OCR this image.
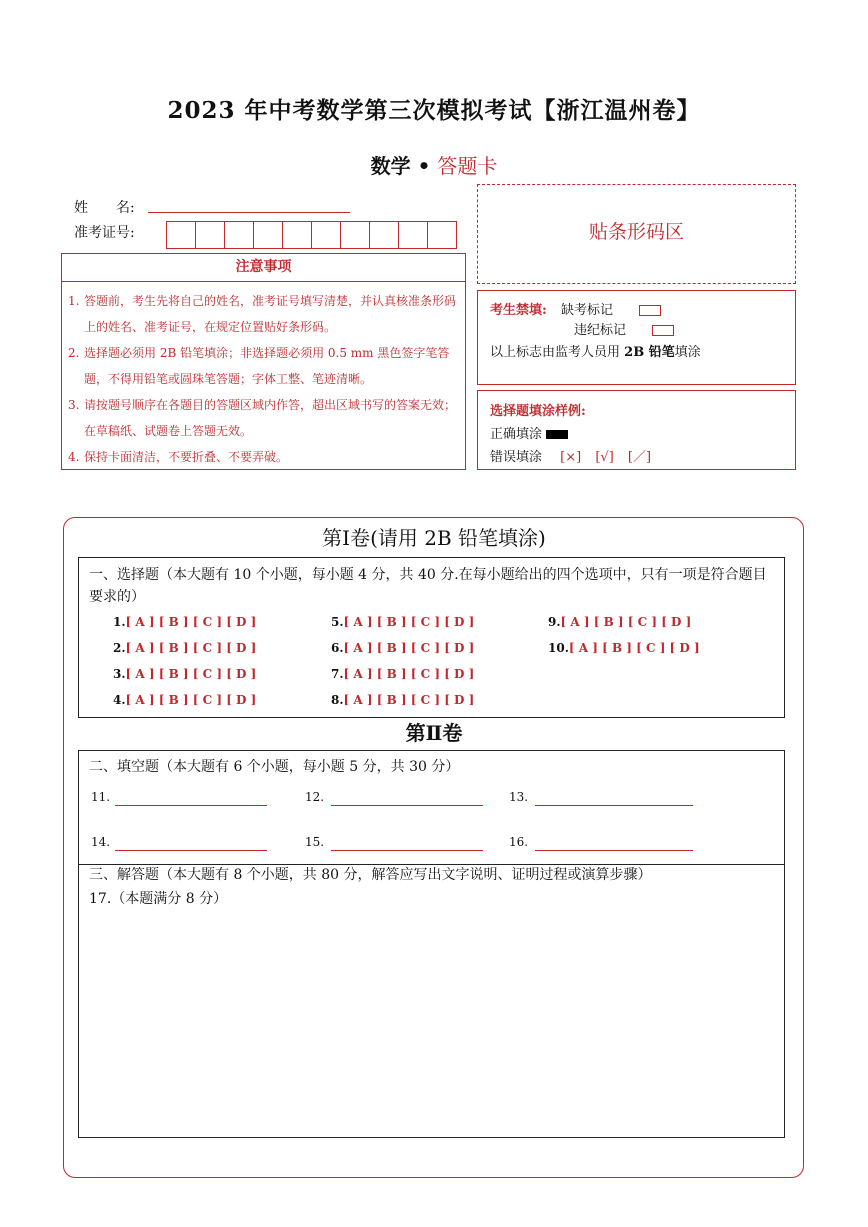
2023 年中考数学第三次模拟考试【浙江温州卷】
数学 • 答题卡
姓　　名:
准考证号:
注意事项
1. 答题前，考生先将自己的姓名，准考证号填写清楚，并认真核准条形码上的姓名、准考证号，在规定位置贴好条形码。
2. 选择题必须用 2B 铅笔填涂；非选择题必须用 0.5 mm 黑色签字笔答题，不得用铅笔或圆珠笔答题；字体工整、笔迹清晰。
3. 请按题号顺序在各题目的答题区域内作答，超出区域书写的答案无效；在草稿纸、试题卷上答题无效。
4. 保持卡面清洁，不要折叠、不要弄破。
贴条形码区
考生禁填: 缺考标记
违纪标记
以上标志由监考人员用 2B 铅笔填涂
选择题填涂样例:
正确填涂
错误填涂 [×] [√] [／]
第Ⅰ卷(请用 2B 铅笔填涂)
一、选择题（本大题有 10 个小题，每小题 4 分，共 40 分.在每小题给出的四个选项中，只有一项是符合题目要求的）
1.[ A ] [ B ] [ C ] [ D ]
2.[ A ] [ B ] [ C ] [ D ]
3.[ A ] [ B ] [ C ] [ D ]
4.[ A ] [ B ] [ C ] [ D ]
5.[ A ] [ B ] [ C ] [ D ]
6.[ A ] [ B ] [ C ] [ D ]
7.[ A ] [ B ] [ C ] [ D ]
8.[ A ] [ B ] [ C ] [ D ]
9.[ A ] [ B ] [ C ] [ D ]
10.[ A ] [ B ] [ C ] [ D ]
第Ⅱ卷
二、填空题（本大题有 6 个小题，每小题 5 分，共 30 分）
11.	12.	13.
14.	15.	16.
三、解答题（本大题有 8 个小题，共 80 分，解答应写出文字说明、证明过程或演算步骤）
17.（本题满分 8 分）
